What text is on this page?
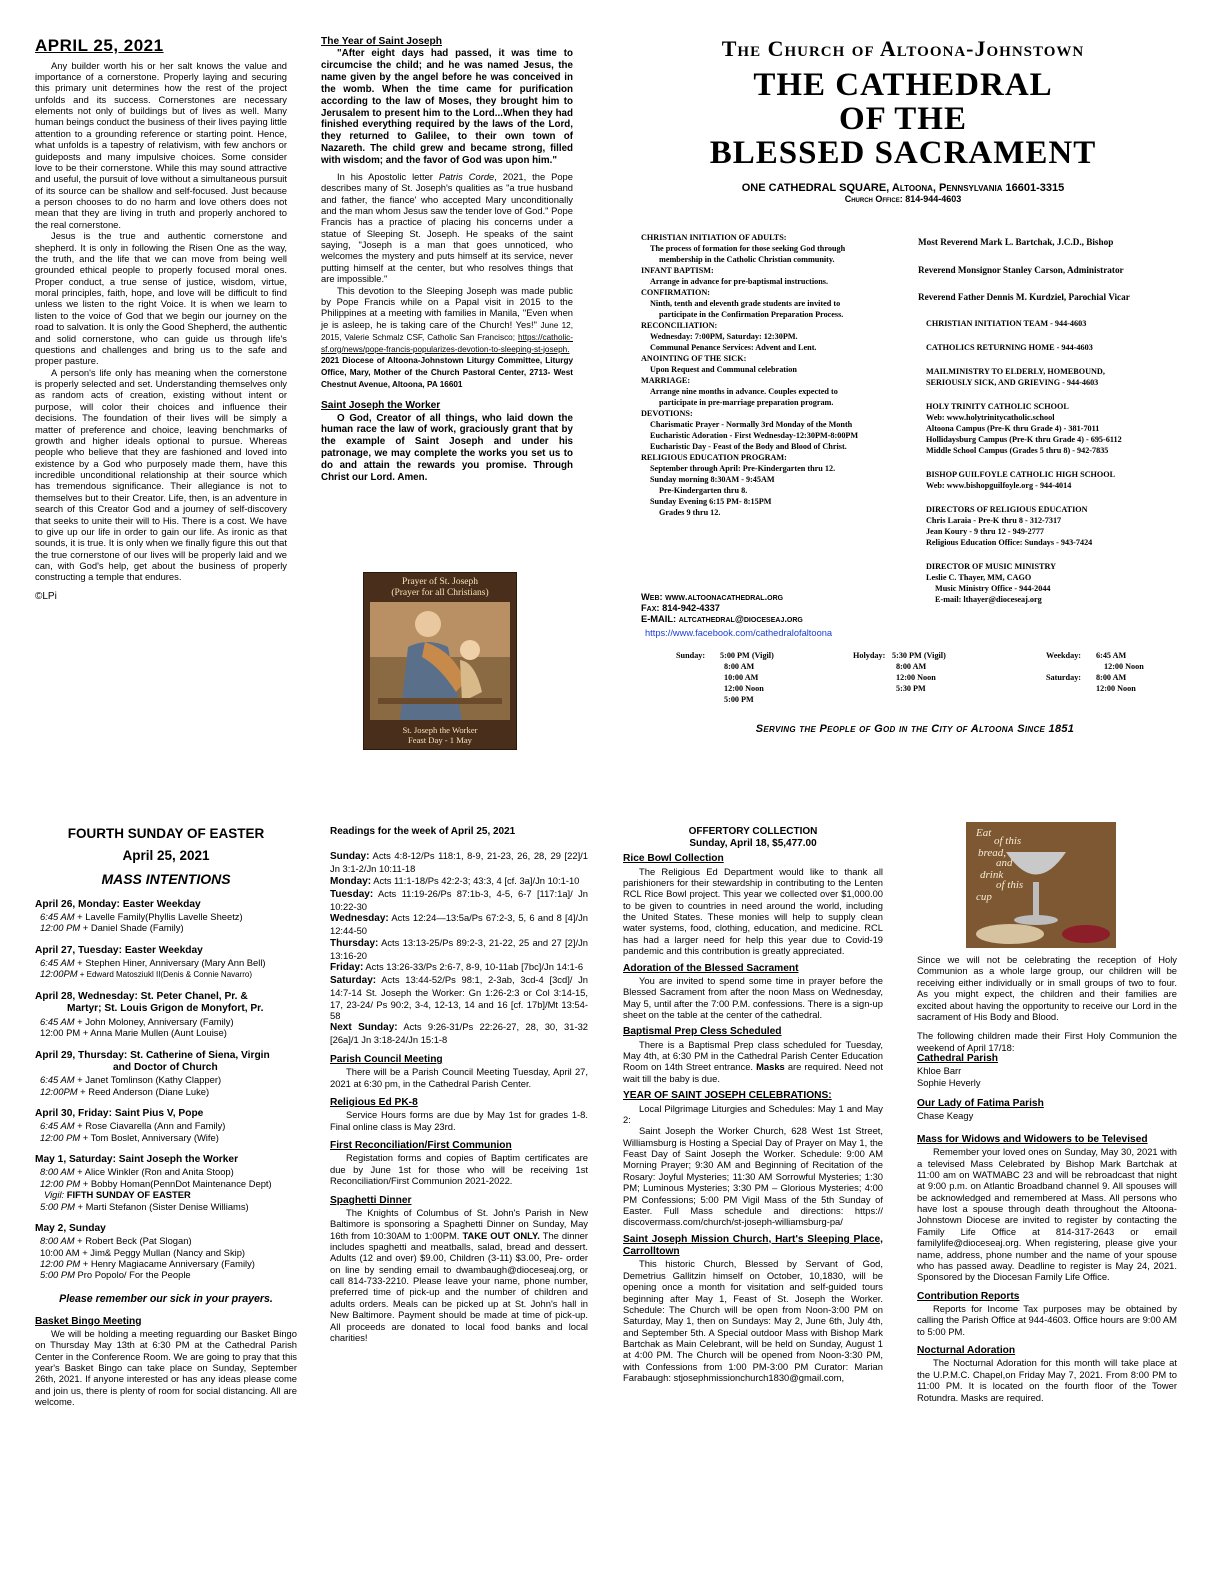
APRIL 25, 2021

Any builder worth his or her salt knows the value and importance of a cornerstone. Properly laying and securing this primary unit determines how the rest of the project unfolds and its success. Cornerstones are necessary elements not only of buildings but of lives as well. Many human beings conduct the business of their lives paying little attention to a grounding reference or starting point. Hence, what unfolds is a tapestry of relativism, with few anchors or guideposts and many impulsive choices. Some consider love to be their cornerstone. While this may sound attractive and useful, the pursuit of love without a simultaneous pursuit of its source can be shallow and self-focused. Just because a person chooses to do no harm and love others does not mean that they are living in truth and properly anchored to the real cornerstone.

Jesus is the true and authentic cornerstone and shepherd. It is only in following the Risen One as the way, the truth, and the life that we can move from being well grounded ethical people to properly focused moral ones. Proper conduct, a true sense of justice, wisdom, virtue, moral principles, faith, hope, and love will be difficult to find unless we listen to the right Voice. It is when we learn to listen to the voice of God that we begin our journey on the road to salvation. It is only the Good Shepherd, the authentic and solid cornerstone, who can guide us through life's questions and challenges and bring us to the safe and proper pasture.

A person's life only has meaning when the cornerstone is properly selected and set. Understanding themselves only as random acts of creation, existing without intent or purpose, will color their choices and influence their decisions. The foundation of their lives will be simply a matter of preference and choice, leaving benchmarks of growth and higher ideals optional to pursue. Whereas people who believe that they are fashioned and loved into existence by a God who purposely made them, have this incredible unconditional relationship at their source which has tremendous significance. Their allegiance is not to themselves but to their Creator. Life, then, is an adventure in search of this Creator God and a journey of self-discovery that seeks to unite their will to His. There is a cost. We have to give up our life in order to gain our life. As ironic as that sounds, it is true. It is only when we finally figure this out that the true cornerstone of our lives will be properly laid and we can, with God's help, get about the business of properly constructing a temple that endures.

©LPi
The Year of Saint Joseph

"After eight days had passed, it was time to circumcise the child; and he was named Jesus, the name given by the angel before he was conceived in the womb. When the time came for purification according to the law of Moses, they brought him to Jerusalem to present him to the Lord...When they had finished everything required by the laws of the Lord, they returned to Galilee, to their own town of Nazareth. The child grew and became strong, filled with wisdom; and the favor of God was upon him."

In his Apostolic letter Patris Corde, 2021, the Pope describes many of St. Joseph's qualities as "a true husband and father, the fiance' who accepted Mary unconditionally and the man whom Jesus saw the tender love of God." Pope Francis has a practice of placing his concerns under a statue of Sleeping St. Joseph. He speaks of the saint saying, "Joseph is a man that goes unnoticed, who welcomes the mystery and puts himself at its service, never putting himself at the center, but who resolves things that are impossible."

This devotion to the Sleeping Joseph was made public by Pope Francis while on a Papal visit in 2015 to the Philippines at a meeting with families in Manila, "Even when je is asleep, he is taking care of the Church! Yes!" June 12, 2015, Valerie Schmalz CSF, Catholic San Francisco; https://catholic-sf.org/news/pope-francis-popularizes-devotion-to-sleeping-st-joseph. 2021 Diocese of Altoona-Johnstown Liturgy Committee, Liturgy Office, Mary, Mother of the Church Pastoral Center, 2713- West Chestnut Avenue, Altoona, PA 16601

Saint Joseph the Worker

O God, Creator of all things, who laid down the human race the law of work, graciously grant that by the example of Saint Joseph and under his patronage, we may complete the works you set us to do and attain the rewards you promise. Through Christ our Lord. Amen.

Prayer of St. Joseph
(Prayer for all Christians)
St. Joseph the Worker
Feast Day - 1 May
The Church of Altoona-Johnstown
THE CATHEDRAL
OF THE
BLESSED SACRAMENT
ONE CATHEDRAL SQUARE, Altoona, Pennsylvania 16601-3315
Church Office: 814-944-4603
CHRISTIAN INITIATION OF ADULTS:
The process of formation for those seeking God through
membership in the Catholic Christian community.
INFANT BAPTISM:
Arrange in advance for pre-baptismal instructions.
CONFIRMATION:
Ninth, tenth and eleventh grade students are invited to
participate in the Confirmation Preparation Process.
RECONCILIATION:
Wednesday: 7:00PM, Saturday: 12:30PM.
Communal Penance Services: Advent and Lent.
ANOINTING OF THE SICK:
Upon Request and Communal celebration
MARRIAGE:
Arrange nine months in advance. Couples expected to
participate in pre-marriage preparation program.
DEVOTIONS:
Charismatic Prayer - Normally 3rd Monday of the Month
Eucharistic Adoration - First Wednesday-12:30PM-8:00PM
Eucharistic Day - Feast of the Body and Blood of Christ.
RELIGIOUS EDUCATION PROGRAM:
September through April: Pre-Kindergarten thru 12.
Sunday morning 8:30AM - 9:45AM
Pre-Kindergarten thru 8.
Sunday Evening 6:15 PM- 8:15PM
Grades 9 thru 12.
Web: www.altoonacathedral.org
Fax: 814-942-4337
E-MAIL: altcathedral@dioceseaj.org
https://www.facebook.com/cathedralofaltoona
Most Reverend Mark L. Bartchak, J.C.D., Bishop
Reverend Monsignor Stanley Carson, Administrator
Reverend Father Dennis M. Kurdziel, Parochial Vicar
CHRISTIAN INITIATION TEAM - 944-4603
CATHOLICS RETURNING HOME - 944-4603
MAILMINISTRY TO ELDERLY, HOMEBOUND,
SERIOUSLY SICK, AND GRIEVING - 944-4603
HOLY TRINITY CATHOLIC SCHOOL
Web: www.holytrinitycatholic.school
Altoona Campus (Pre-K thru Grade 4) - 381-7011
Hollidaysburg Campus (Pre-K thru Grade 4) - 695-6112
Middle School Campus (Grades 5 thru 8) - 942-7835
BISHOP GUILFOYLE CATHOLIC HIGH SCHOOL
Web: www.bishopguilfoyle.org - 944-4014
DIRECTORS OF RELIGIOUS EDUCATION
Chris Laraia - Pre-K thru 8 - 312-7317
Jean Koury - 9 thru 12 - 949-2777
Religious Education Office: Sundays - 943-7424
DIRECTOR OF MUSIC MINISTRY
Leslie C. Thayer, MM, CAGO
Music Ministry Office - 944-2044
E-mail: lthayer@dioceseaj.org
Sunday: 5:00 PM (Vigil)
8:00 AM
10:00 AM
12:00 Noon
5:00 PM
Holyday: 5:30 PM (Vigil)
8:00 AM
12:00 Noon
5:30 PM
Weekday: 6:45 AM
12:00 Noon
Saturday: 8:00 AM
12:00 Noon
Serving the People of God in the City of Altoona Since 1851
FOURTH SUNDAY OF EASTER
April 25, 2021
MASS INTENTIONS
April 26, Monday: Easter Weekday
6:45 AM + Lavelle Family(Phyllis Lavelle Sheetz)
12:00 PM + Daniel Shade (Family)
April 27, Tuesday: Easter Weekday
6:45 AM + Stephen Hiner, Anniversary (Mary Ann Bell)
12:00PM + Edward Matosziukl II(Denis & Connie Navarro)
April 28, Wednesday: St. Peter Chanel, Pr. &
Martyr; St. Louis Grigon de Monyfort, Pr.
6:45 AM + John Moloney, Anniversary (Family)
12:00 PM + Anna Marie Mullen (Aunt Louise)
April 29, Thursday: St. Catherine of Siena, Virgin
and Doctor of Church
6:45 AM + Janet Tomlinson (Kathy Clapper)
12:00PM + Reed Anderson (Diane Luke)
April 30, Friday: Saint Pius V, Pope
6:45 AM + Rose Ciavarella (Ann and Family)
12:00 PM + Tom Boslet, Anniversary (Wife)
May 1, Saturday: Saint Joseph the Worker
8:00 AM + Alice Winkler (Ron and Anita Stoop)
12:00 PM + Bobby Homan(PennDot Maintenance Dept)
Vigil: FIFTH SUNDAY OF EASTER
5:00 PM + Marti Stefanon (Sister Denise Williams)
May 2, Sunday
8:00 AM + Robert Beck (Pat Slogan)
10:00 AM + Jim& Peggy Mullan (Nancy and Skip)
12:00 PM + Henry Magiacame Anniversary (Family)
5:00 PM Pro Popolo/ For the People
Please remember our sick in your prayers.
Basket Bingo Meeting

We will be holding a meeting reguarding our Basket Bingo on Thursday May 13th at 6:30 PM at the Cathedral Parish Center in the Conference Room. We are going to pray that this year's Basket Bingo can take place on Sunday, September 26th, 2021. If anyone interested or has any ideas please come and join us, there is plenty of room for social distancing. All are welcome.

Readings for the week of April 25, 2021

Sunday: Acts 4:8-12/Ps 118:1, 8-9, 21-23, 26, 28, 29 [22]/1 Jn 3:1-2/Jn 10:11-18

Monday: Acts 11:1-18/Ps 42:2-3; 43:3, 4 [cf. 3a]/Jn 10:1-10

Tuesday: Acts 11:19-26/Ps 87:1b-3, 4-5, 6-7 [117:1a]/ Jn 10:22-30

Wednesday: Acts 12:24—13:5a/Ps 67:2-3, 5, 6 and 8 [4]/Jn 12:44-50

Thursday: Acts 13:13-25/Ps 89:2-3, 21-22, 25 and 27 [2]/Jn 13:16-20

Friday: Acts 13:26-33/Ps 2:6-7, 8-9, 10-11ab [7bc]/Jn 14:1-6

Saturday: Acts 13:44-52/Ps 98:1, 2-3ab, 3cd-4 [3cd]/ Jn 14:7-14 St. Joseph the Worker: Gn 1:26-2:3 or Col 3:14-15, 17, 23-24/ Ps 90:2, 3-4, 12-13, 14 and 16 [cf. 17b]/Mt 13:54-58

Next Sunday: Acts 9:26-31/Ps 22:26-27, 28, 30, 31-32 [26a]/1 Jn 3:18-24/Jn 15:1-8

Parish Council Meeting

There will be a Parish Council Meeting Tuesday, April 27, 2021 at 6:30 pm, in the Cathedral Parish Center.

Religious Ed PK-8

Service Hours forms are due by May 1st for grades 1-8. Final online class is May 23rd.

First Reconciliation/First Communion

Registation forms and copies of Baptim certificates are due by June 1st for those who will be receiving 1st Reconciliation/First Communion 2021-2022.

Spaghetti Dinner

The Knights of Columbus of St. John's Parish in New Baltimore is sponsoring a Spaghetti Dinner on Sunday, May 16th from 10:30AM to 1:00PM. TAKE OUT ONLY. The dinner includes spaghetti and meatballs, salad, bread and dessert. Adults (12 and over) $9.00, Children (3-11) $3.00, Pre- order on line by sending email to dwambaugh@dioceseaj.org, or call 814-733-2210. Please leave your name, phone number, preferred time of pick-up and the number of children and adults orders. Meals can be picked up at St. John's hall in New Baltimore. Payment should be made at time of pick-up. All proceeds are donated to local food banks and local charities!

OFFERTORY COLLECTION
Sunday, April 18, $5,477.00
Rice Bowl Collection

The Religious Ed Department would like to thank all parishioners for their stewardship in contributing to the Lenten RCL Rice Bowl project. This year we collected over $1,000.00 to be given to countries in need around the world, including the United States. These monies will help to supply clean water systems, food, clothing, education, and medicine. RCL has had a larger need for help this year due to Covid-19 pandemic and this contribution is greatly appreciated.

Adoration of the Blessed Sacrament

You are invited to spend some time in prayer before the Blessed Sacrament from after the noon Mass on Wednesday, May 5, until after the 7:00 P.M. confessions. There is a sign-up sheet on the table at the center of the cathedral.

Baptismal Prep Cless Scheduled

There is a Baptismal Prep class scheduled for Tuesday, May 4th, at 6:30 PM in the Cathedral Parish Center Education Room on 14th Street entrance. Masks are required. Need not wait till the baby is due.

YEAR OF SAINT JOSEPH CELEBRATIONS:

Local Pilgrimage Liturgies and Schedules: May 1 and May 2:

Saint Joseph the Worker Church, 628 West 1st Street, Williamsburg is Hosting a Special Day of Prayer on May 1, the Feast Day of Saint Joseph the Worker. Schedule: 9:00 AM Morning Prayer; 9:30 AM and Beginning of Recitation of the Rosary: Joyful Mysteries; 11:30 AM Sorrowful Mysteries; 1:30 PM; Luminous Mysteries; 3:30 PM – Glorious Mysteries; 4:00 PM Confessions; 5:00 PM Vigil Mass of the 5th Sunday of Easter. Full Mass schedule and directions: https:// discovermass.com/church/st-joseph-williamsburg-pa/

Saint Joseph Mission Church, Hart's Sleeping Place, Carrolltown

This historic Church, Blessed by Servant of God, Demetrius Gallitzin himself on October, 10,1830, will be opening once a month for visitation and self-guided tours beginning after May 1, Feast of St. Joseph the Worker. Schedule: The Church will be open from Noon-3:00 PM on Saturday, May 1, then on Sundays: May 2, June 6th, July 4th, and September 5th. A Special outdoor Mass with Bishop Mark Bartchak as Main Celebrant, will be held on Sunday, August 1 at 4:00 PM. The Church will be opened from Noon-3:30 PM, with Confessions from 1:00 PM-3:00 PM Curator: Marian Farabaugh: stjosephmissionchurch1830@gmail.com,

Eat
of this
bread,
and
drink
of this
cup

Since we will not be celebrating the reception of Holy Communion as a whole large group, our children will be receiving either individually or in small groups of two to four. As you might expect, the children and their families are excited about having the opportunity to receive our Lord in the sacrament of His Body and Blood.

The following children made their First Holy Communion the weekend of April 17/18:

Cathedral Parish
Khloe Barr
Sophie Heverly
Our Lady of Fatima Parish
Chase Keagy
Mass for Widows and Widowers to be Televised

Remember your loved ones on Sunday, May 30, 2021 with a televised Mass Celebrated by Bishop Mark Bartchak at 11:00 am on WATMABC 23 and will be rebroadcast that night at 9:00 p.m. on Atlantic Broadband channel 9. All spouses will be acknowledged and remembered at Mass. All persons who have lost a spouse through death throughout the Altoona-Johnstown Diocese are invited to register by contacting the Family Life Office at 814-317-2643 or email familylife@dioceseaj.org. When registering, please give your name, address, phone number and the name of your spouse who has passed away. Deadline to register is May 24, 2021. Sponsored by the Diocesan Family Life Office.

Contribution Reports

Reports for Income Tax purposes may be obtained by calling the Parish Office at 944-4603. Office hours are 9:00 AM to 5:00 PM.

Nocturnal Adoration

The Nocturnal Adoration for this month will take place at the U.P.M.C. Chapel,on Friday May 7, 2021. From 8:00 PM to 11:00 PM. It is located on the fourth floor of the Tower Rotundra. Masks are required.
